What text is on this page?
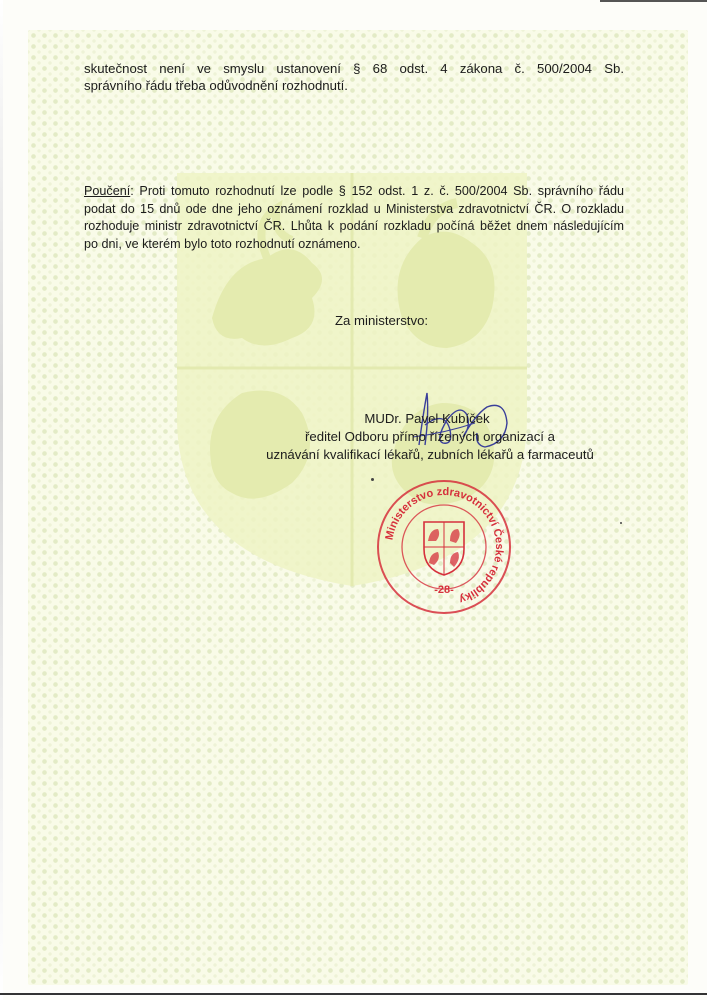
skutečnost není ve smyslu ustanovení § 68 odst. 4 zákona č. 500/2004 Sb.
správního řádu třeba odůvodnění rozhodnutí.
Poučení: Proti tomuto rozhodnutí lze podle § 152 odst. 1 z. č. 500/2004 Sb. správního řádu
podat do 15 dnů ode dne jeho oznámení rozklad u Ministerstva zdravotnictví ČR. O rozkladu
rozhoduje ministr zdravotnictví ČR. Lhůta k podání rozkladu počíná běžet dnem následujícím
po dni, ve kterém bylo toto rozhodnutí oznámeno.
Za ministerstvo:
MUDr. Pavel Kubíček
ředitel Odboru přímo řízených organizací a
uznávání kvalifikací lékařů, zubních lékařů a farmaceutů
Ministerstvo zdravotnictví České republiky
-28-
